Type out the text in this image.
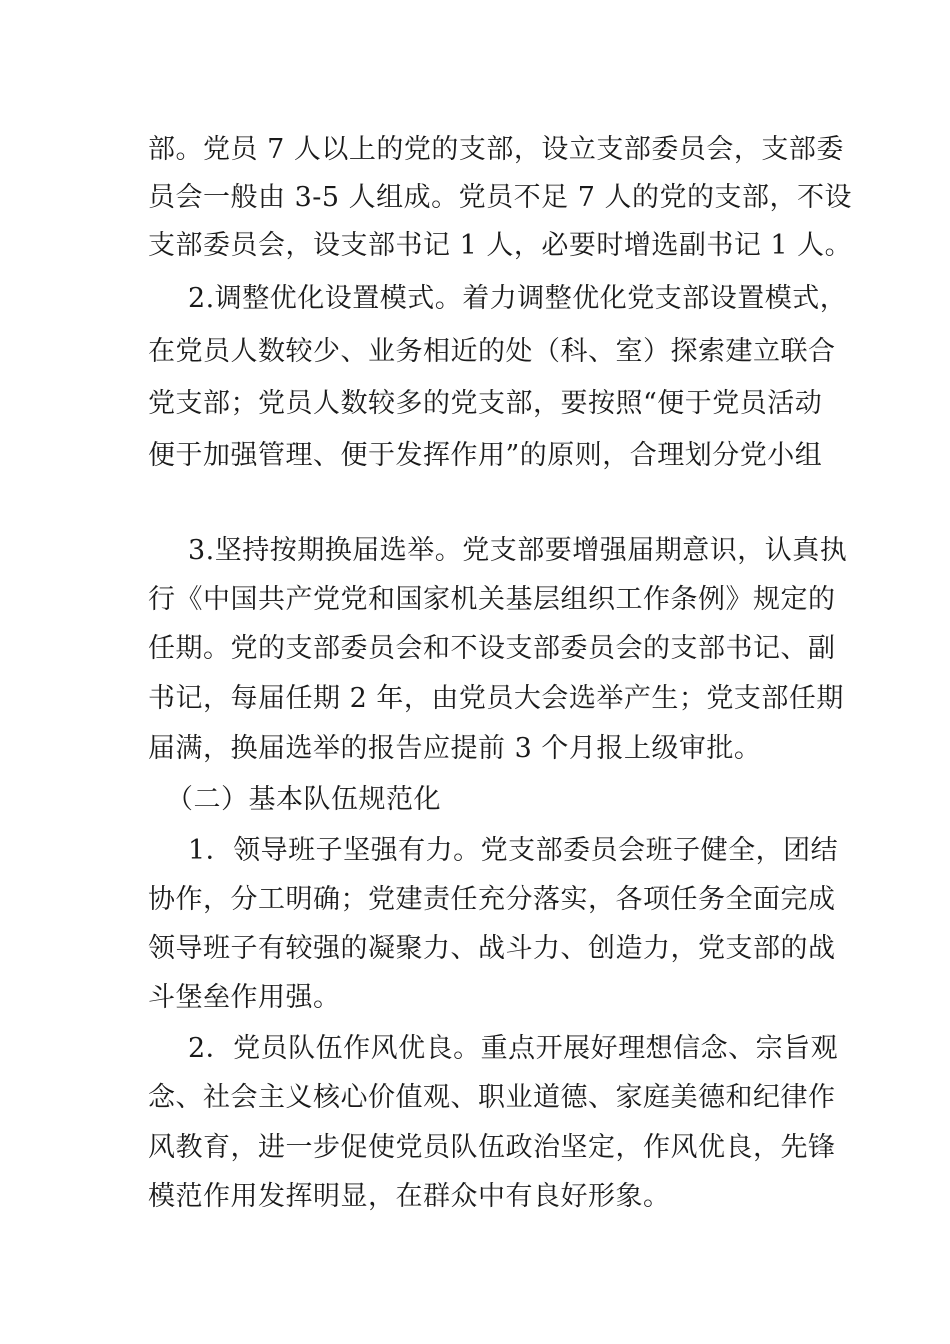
部。党员 7 人以上的党的支部，设立支部委员会，支部委
员会一般由 3-5 人组成。党员不足 7 人的党的支部，不设
支部委员会，设支部书记 1 人，必要时增选副书记 1 人。
2.调整优化设置模式。着力调整优化党支部设置模式，
在党员人数较少、业务相近的处（科、室）探索建立联合
党支部；党员人数较多的党支部，要按照“便于党员活动
便于加强管理、便于发挥作用”的原则，合理划分党小组
3.坚持按期换届选举。党支部要增强届期意识，认真执
行《中国共产党党和国家机关基层组织工作条例》规定的
任期。党的支部委员会和不设支部委员会的支部书记、副
书记，每届任期 2 年，由党员大会选举产生；党支部任期
届满，换届选举的报告应提前 3 个月报上级审批。
（二）基本队伍规范化
1．领导班子坚强有力。党支部委员会班子健全，团结
协作，分工明确；党建责任充分落实，各项任务全面完成
领导班子有较强的凝聚力、战斗力、创造力，党支部的战
斗堡垒作用强。
2．党员队伍作风优良。重点开展好理想信念、宗旨观
念、社会主义核心价值观、职业道德、家庭美德和纪律作
风教育，进一步促使党员队伍政治坚定，作风优良，先锋
模范作用发挥明显，在群众中有良好形象。
